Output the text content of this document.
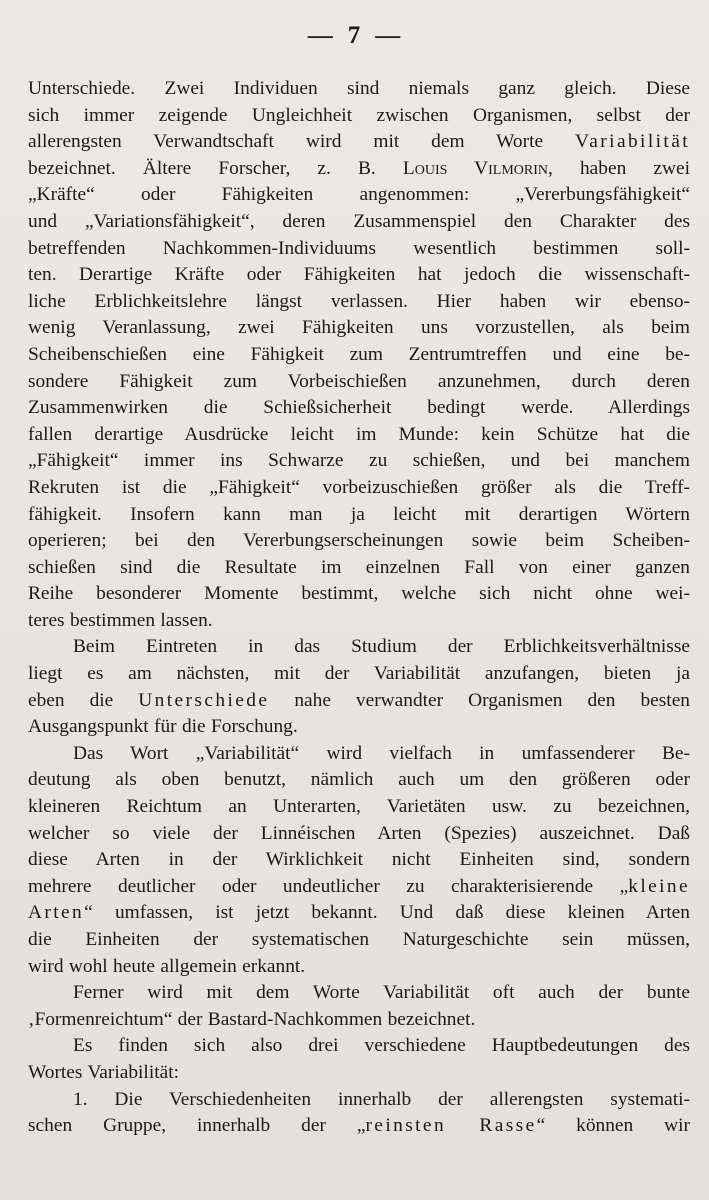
— 7 —
Unterschiede. Zwei Individuen sind niemals ganz gleich. Diese
sich immer zeigende Ungleichheit zwischen Organismen, selbst der
allerengsten Verwandtschaft wird mit dem Worte Variabilität
bezeichnet. Ältere Forscher, z. B. Louis Vilmorin, haben zwei
„Kräfte“ oder Fähigkeiten angenommen: „Vererbungsfähigkeit“
und „Variationsfähigkeit“, deren Zusammenspiel den Charakter des
betreffenden Nachkommen-Individuums wesentlich bestimmen soll-
ten. Derartige Kräfte oder Fähigkeiten hat jedoch die wissenschaft-
liche Erblichkeitslehre längst verlassen. Hier haben wir ebenso-
wenig Veranlassung, zwei Fähigkeiten uns vorzustellen, als beim
Scheibenschießen eine Fähigkeit zum Zentrumtreffen und eine be-
sondere Fähigkeit zum Vorbeischießen anzunehmen, durch deren
Zusammenwirken die Schießsicherheit bedingt werde. Allerdings
fallen derartige Ausdrücke leicht im Munde: kein Schütze hat die
„Fähigkeit“ immer ins Schwarze zu schießen, und bei manchem
Rekruten ist die „Fähigkeit“ vorbeizuschießen größer als die Treff-
fähigkeit. Insofern kann man ja leicht mit derartigen Wörtern
operieren; bei den Vererbungserscheinungen sowie beim Scheiben-
schießen sind die Resultate im einzelnen Fall von einer ganzen
Reihe besonderer Momente bestimmt, welche sich nicht ohne wei-
teres bestimmen lassen.
Beim Eintreten in das Studium der Erblichkeitsverhältnisse
liegt es am nächsten, mit der Variabilität anzufangen, bieten ja
eben die Unterschiede nahe verwandter Organismen den besten
Ausgangspunkt für die Forschung.
Das Wort „Variabilität“ wird vielfach in umfassenderer Be-
deutung als oben benutzt, nämlich auch um den größeren oder
kleineren Reichtum an Unterarten, Varietäten usw. zu bezeichnen,
welcher so viele der Linnéischen Arten (Spezies) auszeichnet. Daß
diese Arten in der Wirklichkeit nicht Einheiten sind, sondern
mehrere deutlicher oder undeutlicher zu charakterisierende „kleine
Arten“ umfassen, ist jetzt bekannt. Und daß diese kleinen Arten
die Einheiten der systematischen Naturgeschichte sein müssen,
wird wohl heute allgemein erkannt.
Ferner wird mit dem Worte Variabilität oft auch der bunte
‚Formenreichtum“ der Bastard-Nachkommen bezeichnet.
Es finden sich also drei verschiedene Hauptbedeutungen des
Wortes Variabilität:
1. Die Verschiedenheiten innerhalb der allerengsten systemati-
schen Gruppe, innerhalb der „reinsten Rasse“ können wir
